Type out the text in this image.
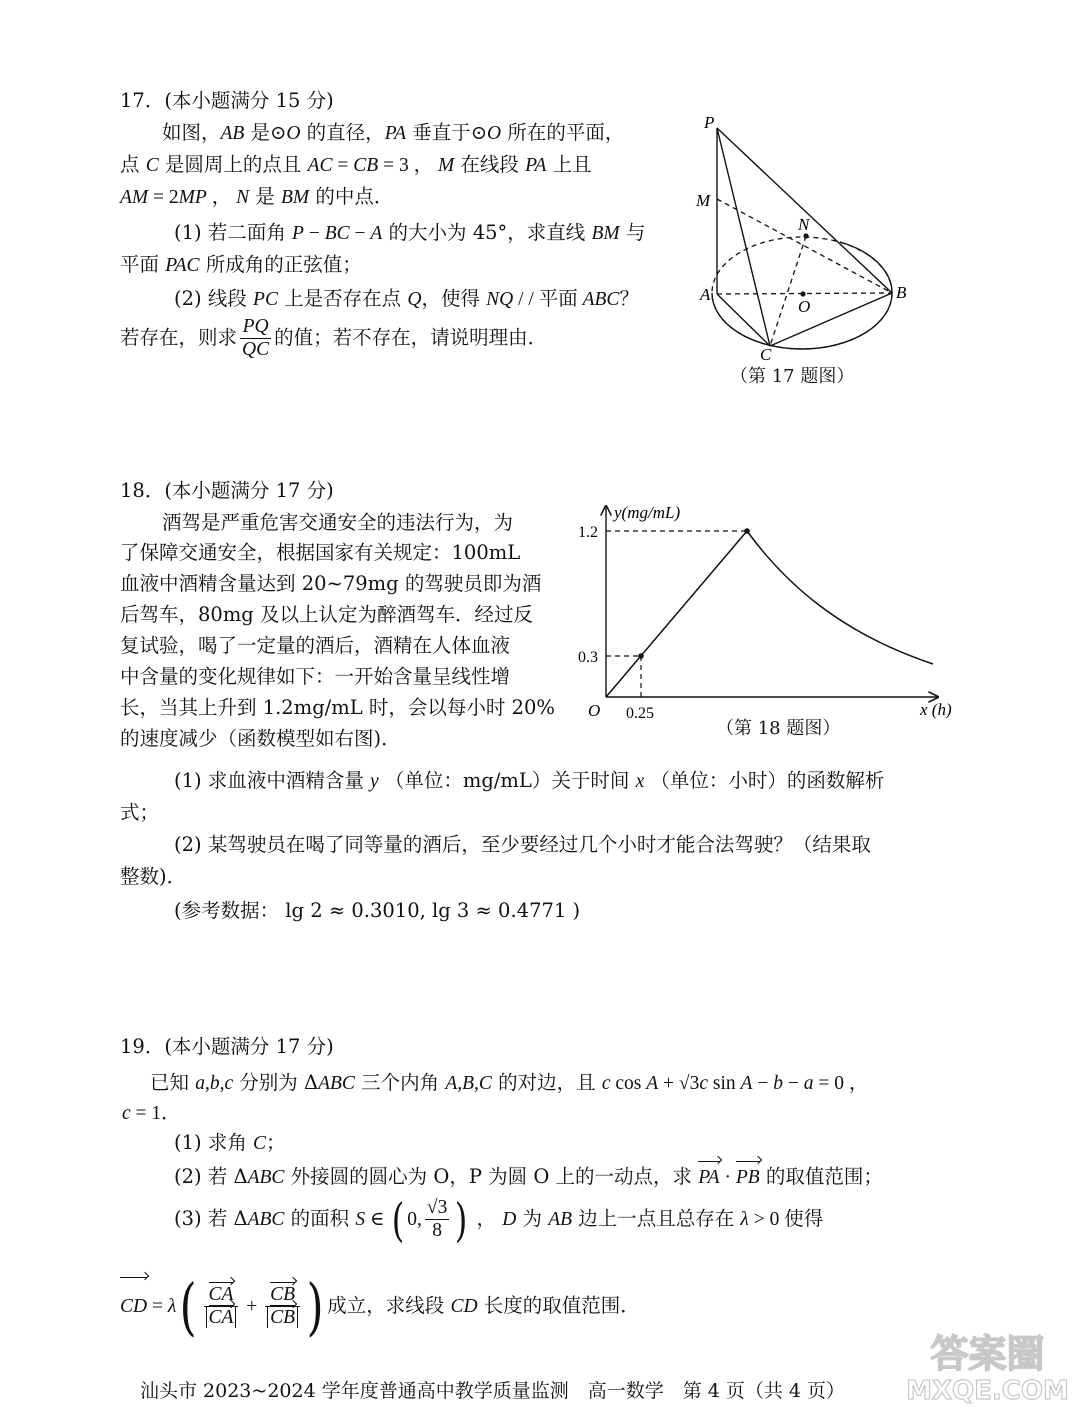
17．(本小题满分 15 分)
如图，AB 是⊙O 的直径，PA 垂直于⊙O 所在的平面，
点 C 是圆周上的点且 AC = CB = 3 ， M 在线段 PA 上且
AM = 2MP ， N 是 BM 的中点．
(1) 若二面角 P − BC − A 的大小为 45°，求直线 BM 与
平面 PAC 所成角的正弦值；
(2) 线段 PC 上是否存在点 Q，使得 NQ / / 平面 ABC？
若存在，则求 $\frac{PQ}{QC}$ 的值；若不存在，请说明理由．
P
M
N
A
O
B
C
（第 17 题图）
18．(本小题满分 17 分)
酒驾是严重危害交通安全的违法行为，为
了保障交通安全，根据国家有关规定：100mL
血液中酒精含量达到 20~79mg 的驾驶员即为酒
后驾车，80mg 及以上认定为醉酒驾车．经过反
复试验，喝了一定量的酒后，酒精在人体血液
中含量的变化规律如下：一开始含量呈线性增
长，当其上升到 1.2mg/mL 时，会以每小时 20%
的速度减少（函数模型如右图)．
y(mg/mL)
1.2
0.3
O 0.25	x (h)
（第 18 题图）
(1) 求血液中酒精含量 y （单位：mg/mL）关于时间 x （单位：小时）的函数解析
式；
(2) 某驾驶员在喝了同等量的酒后，至少要经过几个小时才能合法驾驶？（结果取
整数)．
(参考数据： lg 2 ≈ 0.3010, lg 3 ≈ 0.4771 )
19．(本小题满分 17 分)
已知 a,b,c 分别为 ΔABC 三个内角 A,B,C 的对边，且 c cos A + √3c sin A − b − a = 0 ，
c = 1．
(1) 求角 C；
(2) 若 ΔABC 外接圆的圆心为 O，P 为圆 O 上的一动点，求 PA · PB 的取值范围；
(3) 若 ΔABC 的面积 S ∈ ( 0, $\frac{√3}{8}$ ) ， D 为 AB 边上一点且总存在 λ > 0 使得
CD = $\lambda( \frac{CA}{CA} + \frac{CB}{CB}$ ) 成立，求线段 CD 长度的取值范围．
答案圈
MXQE.COM
汕头市 2023~2024 学年度普通高中教学质量监测　高一数学　第 4 页（共 4 页）
